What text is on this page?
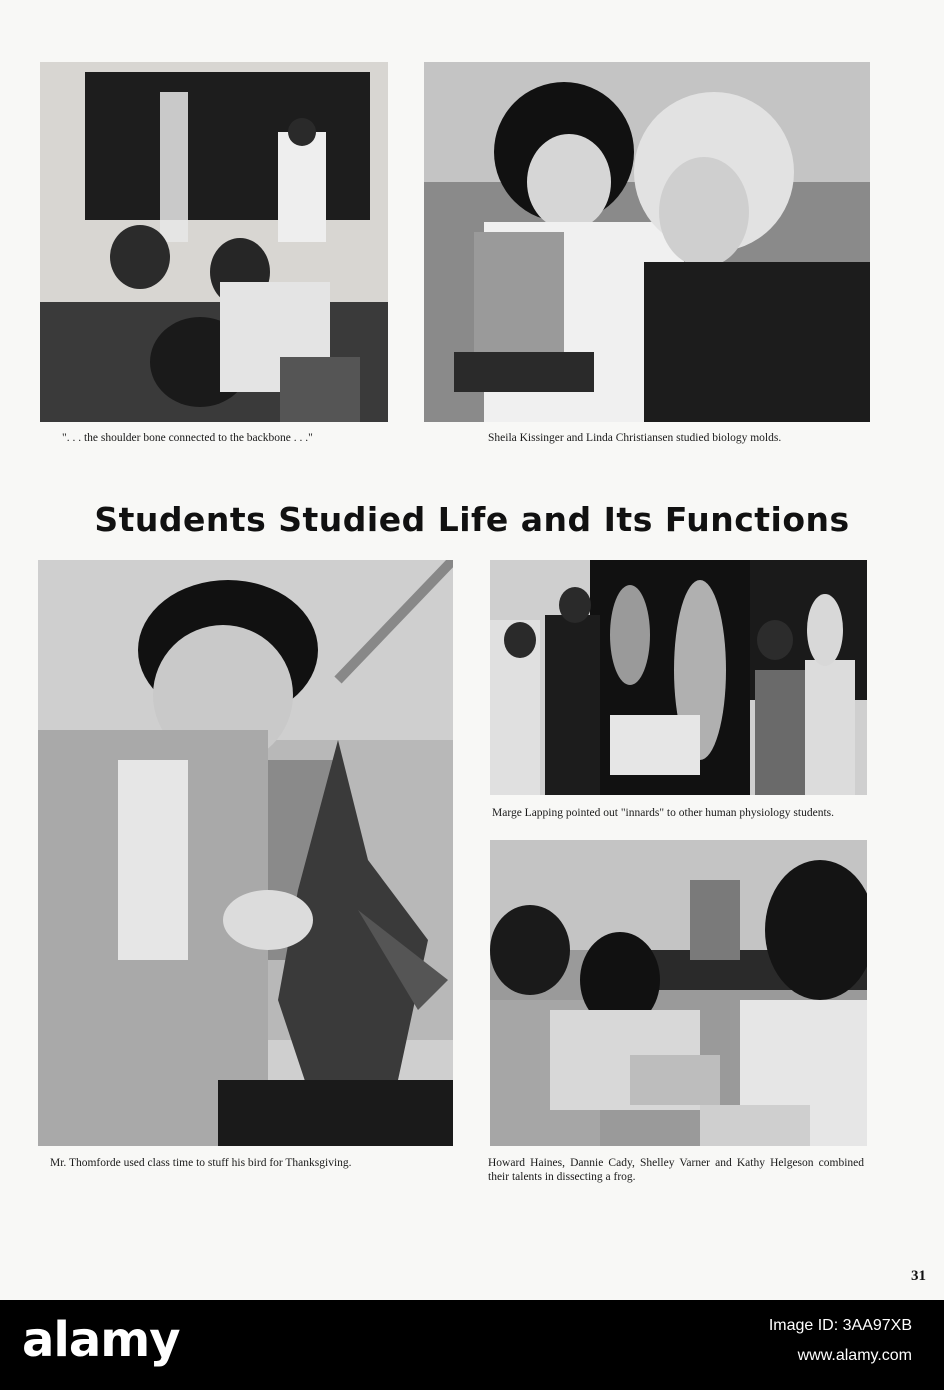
". . . the shoulder bone connected to the backbone . . ."	Sheila Kissinger and Linda Christiansen studied biology molds.
Students Studied Life and Its Functions
Mr. Thomforde used class time to stuff his bird for Thanksgiving.
Marge Lapping pointed out "innards" to other human physiology students.
Howard Haines, Dannie Cady, Shelley Varner and Kathy Helgeson combined their talents in dissecting a frog.
31
alamy	Image ID: 3AA97XB
www.alamy.com
